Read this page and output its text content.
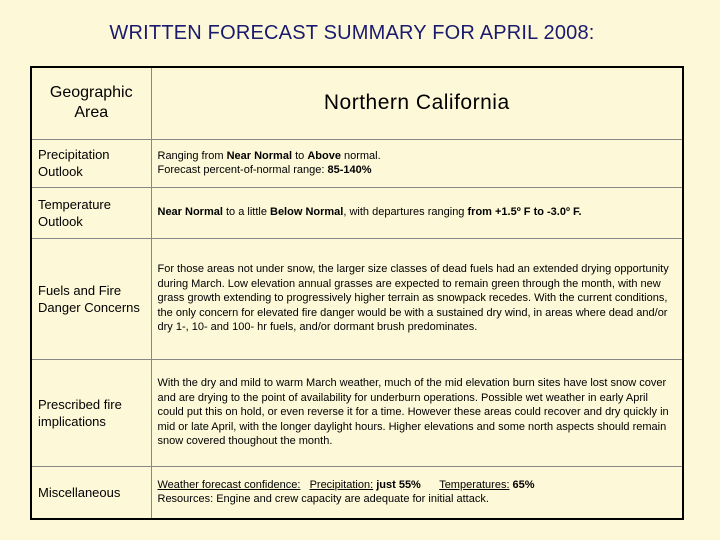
WRITTEN FORECAST SUMMARY FOR APRIL 2008:
Geographic Area	Northern California
Precipitation Outlook	Ranging from Near Normal to Above normal.
Forecast percent-of-normal range: 85-140%
Temperature Outlook	Near Normal to a little Below Normal, with departures ranging from +1.5º F to -3.0º F.
Fuels and Fire Danger Concerns	For those areas not under snow, the larger size classes of dead fuels had an extended drying opportunity during March. Low elevation annual grasses are expected to remain green through the month, with new grass growth extending to progressively higher terrain as snowpack recedes. With the current conditions, the only concern for elevated fire danger would be with a sustained dry wind, in areas where dead and/or dry 1-, 10- and 100- hr fuels, and/or dormant brush predominates.
Prescribed fire implications	With the dry and mild to warm March weather, much of the mid elevation burn sites have lost snow cover and are drying to the point of availability for underburn operations. Possible wet weather in early April could put this on hold, or even reverse it for a time. However these areas could recover and dry quickly in mid or late April, with the longer daylight hours. Higher elevations and some north aspects should remain snow covered thoughout the month.
Miscellaneous	Weather forecast confidence: Precipitation: just 55% Temperatures: 65%
Resources: Engine and crew capacity are adequate for initial attack.
